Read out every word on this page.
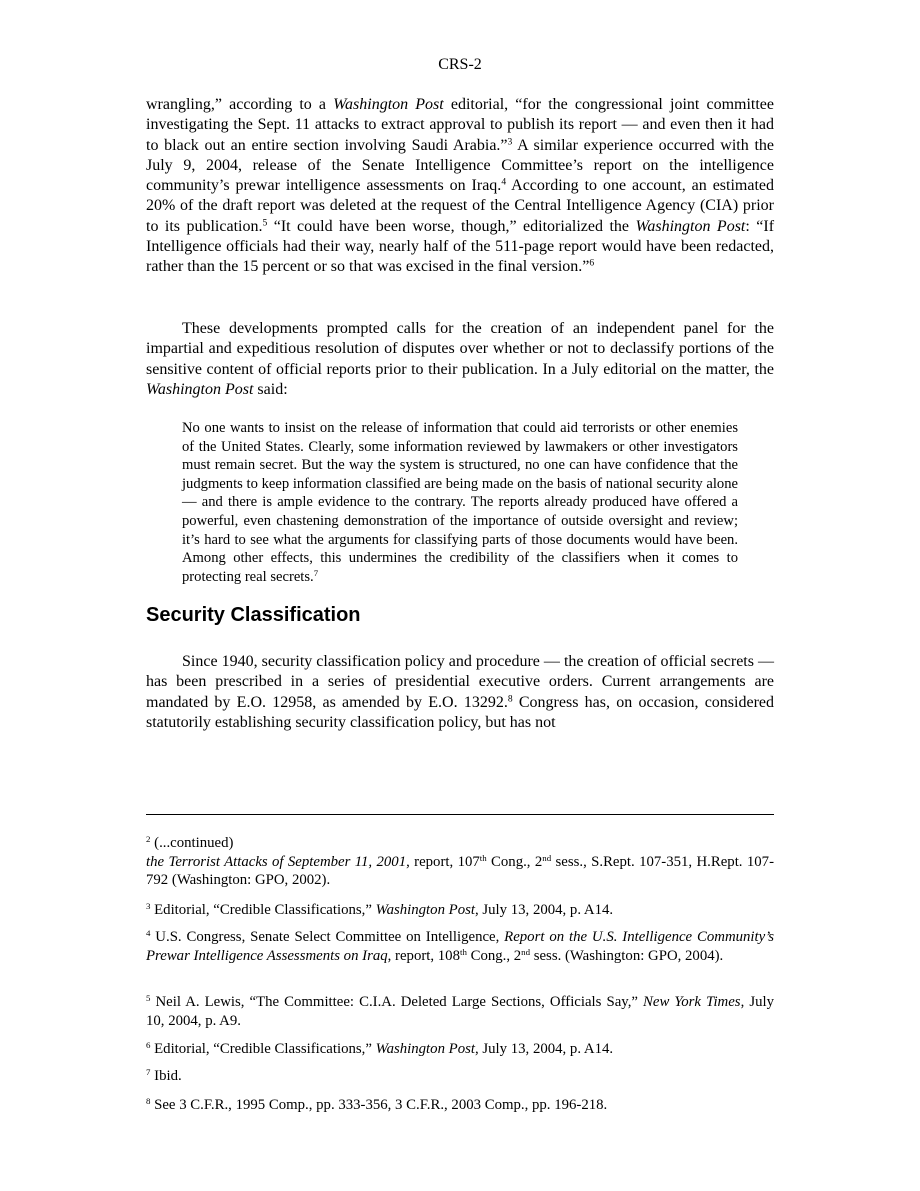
CRS-2

wrangling,” according to a Washington Post editorial, “for the congressional joint committee investigating the Sept. 11 attacks to extract approval to publish its report — and even then it had to black out an entire section involving Saudi Arabia.”$^3$ A similar experience occurred with the July 9, 2004, release of the Senate Intelligence Committee’s report on the intelligence community’s prewar intelligence assessments on Iraq.$^4$ According to one account, an estimated 20% of the draft report was deleted at the request of the Central Intelligence Agency (CIA) prior to its publication.$^5$ “It could have been worse, though,” editorialized the Washington Post: “If Intelligence officials had their way, nearly half of the 511-page report would have been redacted, rather than the 15 percent or so that was excised in the final version.”$^6$

These developments prompted calls for the creation of an independent panel for the impartial and expeditious resolution of disputes over whether or not to declassify portions of the sensitive content of official reports prior to their publication. In a July editorial on the matter, the Washington Post said:

No one wants to insist on the release of information that could aid terrorists or other enemies of the United States. Clearly, some information reviewed by lawmakers or other investigators must remain secret. But the way the system is structured, no one can have confidence that the judgments to keep information classified are being made on the basis of national security alone — and there is ample evidence to the contrary. The reports already produced have offered a powerful, even chastening demonstration of the importance of outside oversight and review; it’s hard to see what the arguments for classifying parts of those documents would have been. Among other effects, this undermines the credibility of the classifiers when it comes to protecting real secrets.$^7$

Security Classification

Since 1940, security classification policy and procedure — the creation of official secrets — has been prescribed in a series of presidential executive orders. Current arrangements are mandated by E.O. 12958, as amended by E.O. 13292.$^8$ Congress has, on occasion, considered statutorily establishing security classification policy, but has not

$^2$ (...continued)
the Terrorist Attacks of September 11, 2001, report, 107th Cong., 2nd sess., S.Rept. 107-351, H.Rept. 107-792 (Washington: GPO, 2002).

$^3$ Editorial, “Credible Classifications,” Washington Post, July 13, 2004, p. A14.

$^4$ U.S. Congress, Senate Select Committee on Intelligence, Report on the U.S. Intelligence Community’s Prewar Intelligence Assessments on Iraq, report, 108th Cong., 2nd sess. (Washington: GPO, 2004).

$^5$ Neil A. Lewis, “The Committee: C.I.A. Deleted Large Sections, Officials Say,” New York Times, July 10, 2004, p. A9.

$^6$ Editorial, “Credible Classifications,” Washington Post, July 13, 2004, p. A14.

$^7$ Ibid.

$^8$ See 3 C.F.R., 1995 Comp., pp. 333-356, 3 C.F.R., 2003 Comp., pp. 196-218.
